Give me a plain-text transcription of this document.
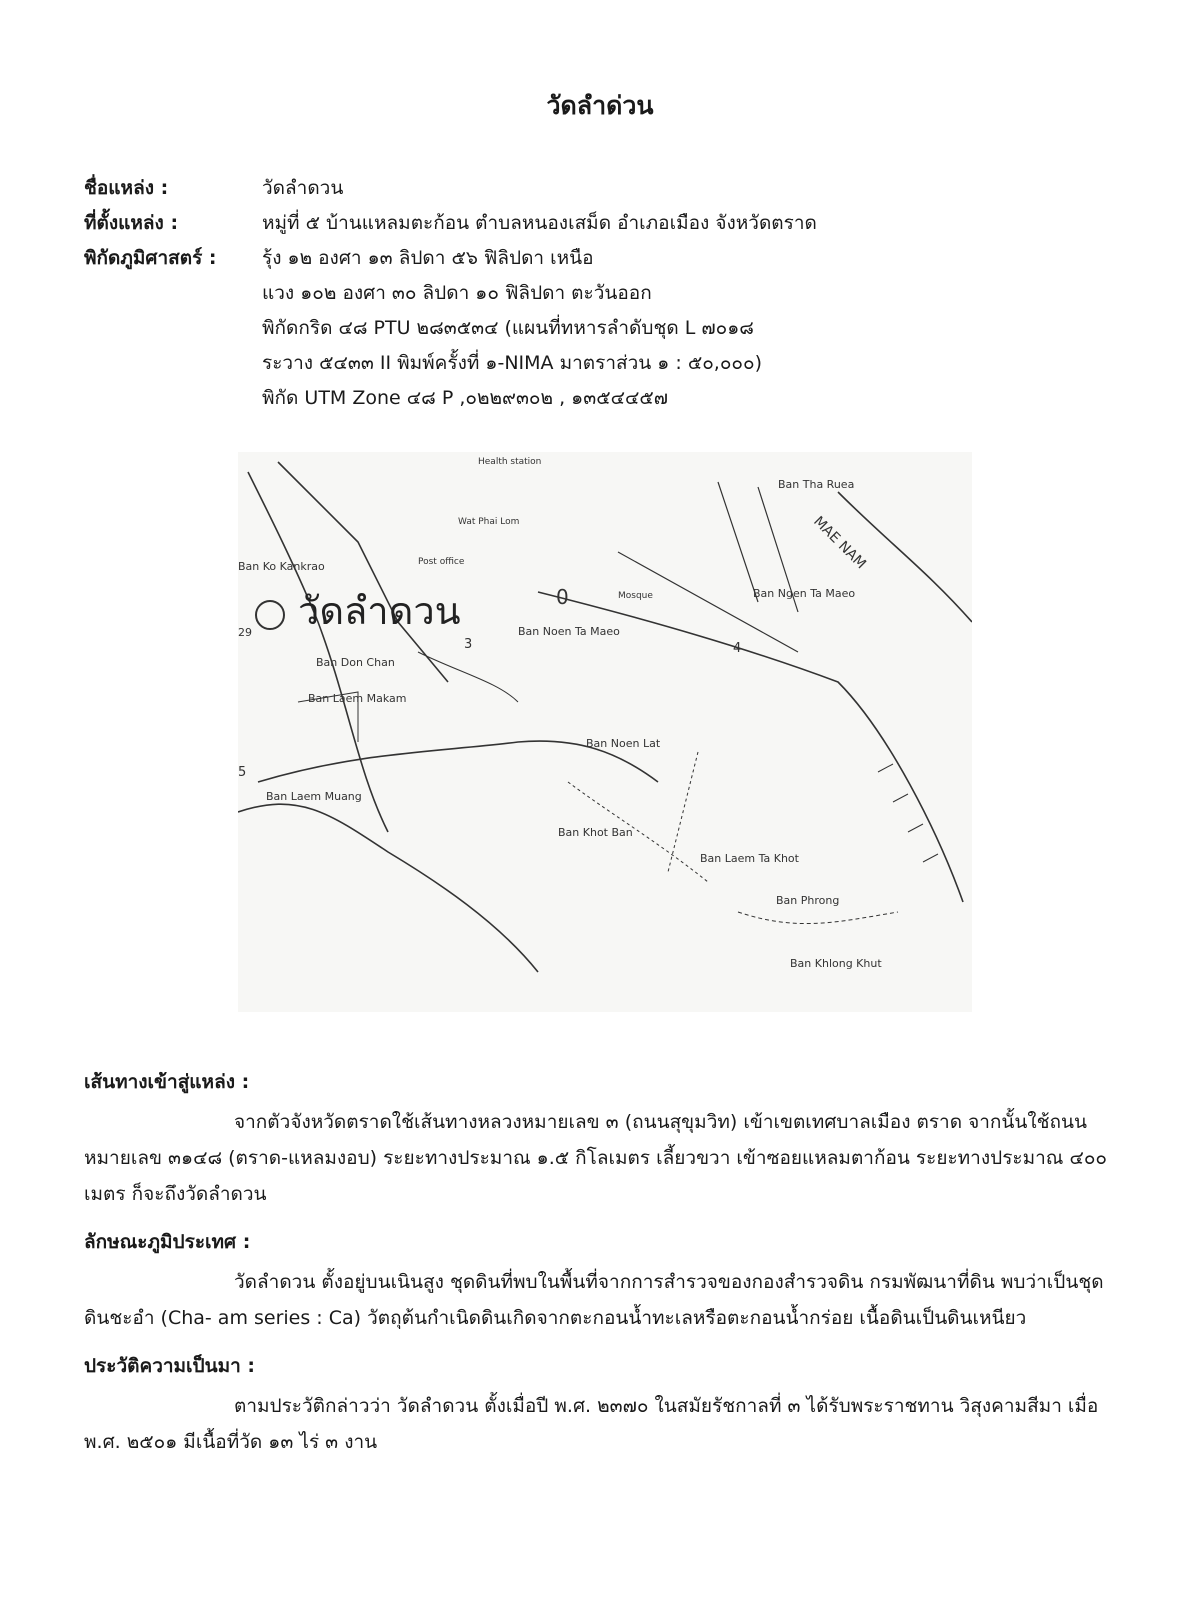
วัดลำด่วน
ชื่อแหล่ง :	วัดลำดวน
ที่ตั้งแหล่ง :	หมู่ที่ ๕ บ้านแหลมตะก้อน ตำบลหนองเสม็ด อำเภอเมือง จังหวัดตราด
พิกัดภูมิศาสตร์ :	รุ้ง ๑๒ องศา ๑๓ ลิปดา ๕๖ ฟิลิปดา เหนือ
แวง ๑๐๒ องศา ๓๐ ลิปดา ๑๐ ฟิลิปดา ตะวันออก
พิกัดกริด ๔๘ PTU ๒๘๓๕๓๔ (แผนที่ทหารลำดับชุด L ๗๐๑๘
ระวาง ๕๔๓๓ II พิมพ์ครั้งที่ ๑-NIMA มาตราส่วน ๑ : ๕๐,๐๐๐)
พิกัด UTM Zone ๔๘ P ,๐๒๒๙๓๐๒ , ๑๓๕๔๔๕๗
วัดลำดวน
Ban Tha Ruea
Ban Ko Kankrao
Ban Ngen Ta Maeo
Ban Noen Ta Maeo
Ban Don Chan
Ban Laem Makam
Ban Laem Muang
Ban Laem Ta Khot
Ban Phrong
Ban Khlong Khut
Ban Noen Lat
Ban Khot Ban
MAE NAM
Health station
Wat Phai Lom
Post office
Mosque
3	4
5
29
0
เส้นทางเข้าสู่แหล่ง :

จากตัวจังหวัดตราดใช้เส้นทางหลวงหมายเลข ๓ (ถนนสุขุมวิท) เข้าเขตเทศบาลเมือง ตราด จากนั้นใช้ถนนหมายเลข ๓๑๔๘ (ตราด-แหลมงอบ) ระยะทางประมาณ ๑.๕ กิโลเมตร เลี้ยวขวา เข้าซอยแหลมตาก้อน ระยะทางประมาณ ๔๐๐ เมตร ก็จะถึงวัดลำดวน

ลักษณะภูมิประเทศ :

วัดลำดวน ตั้งอยู่บนเนินสูง ชุดดินที่พบในพื้นที่จากการสำรวจของกองสำรวจดิน กรมพัฒนาที่ดิน พบว่าเป็นชุดดินชะอำ (Cha- am series : Ca) วัตถุต้นกำเนิดดินเกิดจากตะกอนน้ำทะเลหรือตะกอนน้ำกร่อย เนื้อดินเป็นดินเหนียว

ประวัติความเป็นมา :

ตามประวัติกล่าวว่า วัดลำดวน ตั้งเมื่อปี พ.ศ. ๒๓๗๐ ในสมัยรัชกาลที่ ๓ ได้รับพระราชทาน วิสุงคามสีมา เมื่อ พ.ศ. ๒๕๐๑ มีเนื้อที่วัด ๑๓ ไร่ ๓ งาน
